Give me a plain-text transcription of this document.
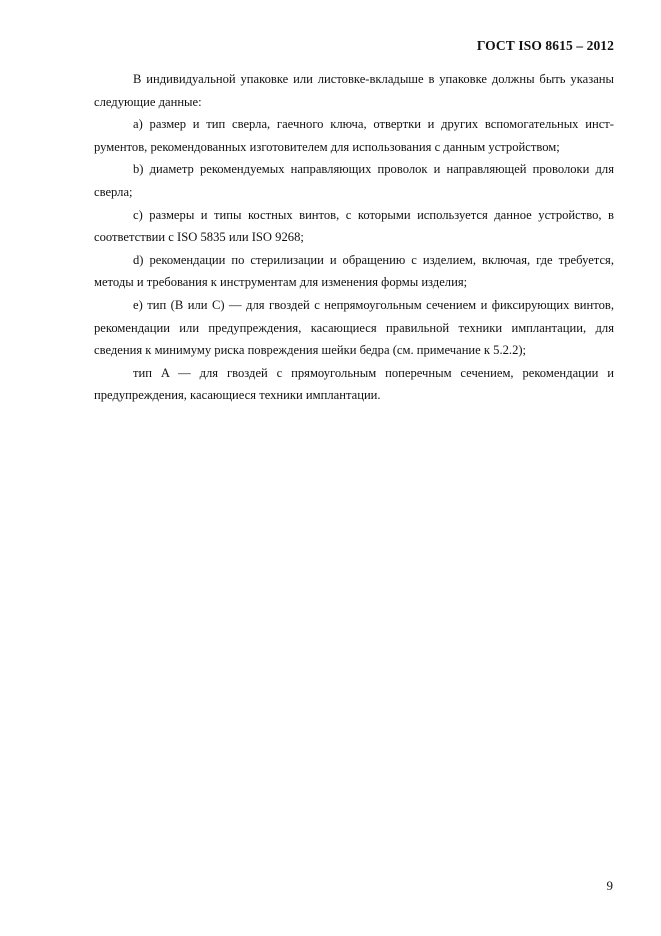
ГОСТ ISO 8615 – 2012

В индивидуальной упаковке или листовке-вкладыше в упаковке должны быть указаны следующие данные:

а) размер и тип сверла, гаечного ключа, отвертки и других вспомогательных инструментов, рекомендованных изготовителем для использования с данным устройством;

b) диаметр рекомендуемых направляющих проволок и направляющей проволоки для сверла;

c) размеры и типы костных винтов, с которыми используется данное устройство, в соответствии с ISO 5835 или ISO 9268;

d) рекомендации по стерилизации и обращению с изделием, включая, где требуется, методы и требования к инструментам для изменения формы изделия;

e) тип (B или C) — для гвоздей с непрямоугольным сечением и фиксирующих винтов, рекомендации или предупреждения, касающиеся правильной техники имплантации, для сведения к минимуму риска повреждения шейки бедра (см. примечание к 5.2.2);

тип A — для гвоздей с прямоугольным поперечным сечением, рекомендации и предупреждения, касающиеся техники имплантации.

9
